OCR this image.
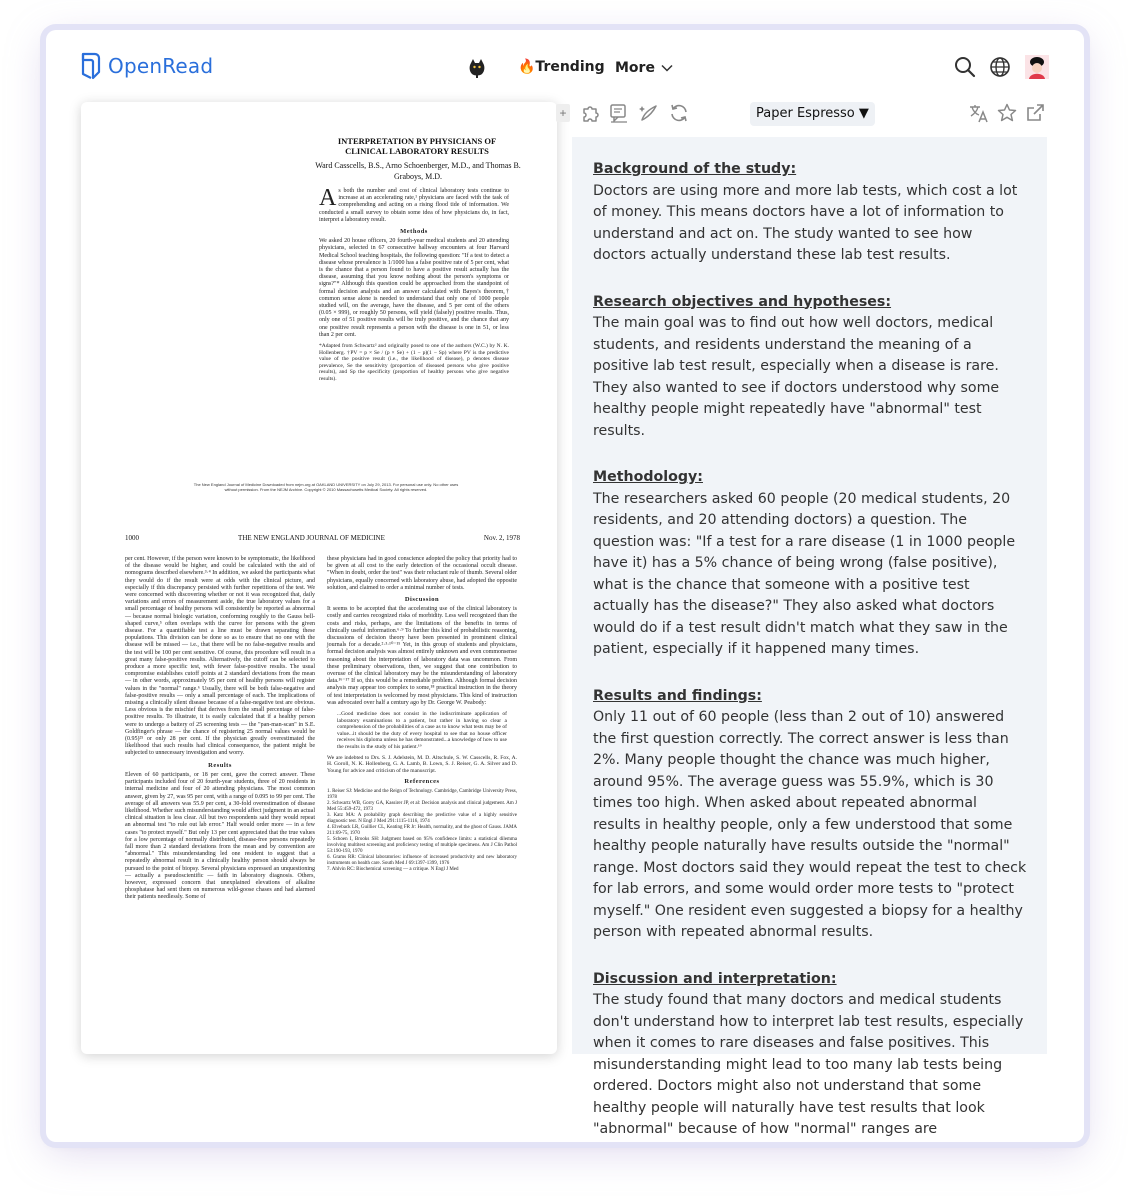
OpenRead	🔥Trending More
INTERPRETATION BY PHYSICIANS OF CLINICAL LABORATORY RESULTS
Ward Casscells, B.S., Arno Schoenberger, M.D., and Thomas B. Graboys, M.D.
A s both the number and cost of clinical laboratory tests continue to increase at an accelerating rate,¹ physicians are faced with the task of comprehending and acting on a rising flood tide of information. We conducted a small survey to obtain some idea of how physicians do, in fact, interpret a laboratory result.
Methods
We asked 20 house officers, 20 fourth-year medical students and 20 attending physicians, selected in 67 consecutive hallway encounters at four Harvard Medical School teaching hospitals, the following question: "If a test to detect a disease whose prevalence is 1/1000 has a false positive rate of 5 per cent, what is the chance that a person found to have a positive result actually has the disease, assuming that you know nothing about the person's symptoms or signs?"* Although this question could be approached from the standpoint of formal decision analysis and an answer calculated with Bayes's theorem,† common sense alone is needed to understand that only one of 1000 people studied will, on the average, have the disease, and 5 per cent of the others (0.05 × 999), or roughly 50 persons, will yield (falsely) positive results. Thus, only one of 51 positive results will be truly positive, and the chance that any one positive result represents a person with the disease is one in 51, or less than 2 per cent.
*Adapted from Schwartz² and originally posed to one of the authors (W.C.) by N. K. Hollenberg. †PV = p × Se / (p × Se) + (1 − p)(1 − Sp) where PV is the predictive value of the positive result (i.e., the likelihood of disease), p denotes disease prevalence, Se the sensitivity (proportion of diseased persons who give positive results), and Sp the specificity (proportion of healthy persons who give negative results).
The New England Journal of Medicine Downloaded from nejm.org at OAKLAND UNIVERSITY on July 29, 2013. For personal use only. No other uses without permission. From the NEJM Archive. Copyright © 2010 Massachusetts Medical Society. All rights reserved.
1000	THE NEW ENGLAND JOURNAL OF MEDICINE	Nov. 2, 1978
per cent. However, if the person were known to be symptomatic, the likelihood of the disease would be higher, and could be calculated with the aid of nomograms described elsewhere.³·⁴ In addition, we asked the participants what they would do if the result were at odds with the clinical picture, and especially if this discrepancy persisted with further repetitions of the test. We were concerned with discovering whether or not it was recognized that, daily variations and errors of measurement aside, the true laboratory values for a small percentage of healthy persons will consistently be reported as abnormal — because normal biologic variation, conforming roughly to the Gauss bell-shaped curve,⁵ often overlaps with the curve for persons with the given disease. For a quantifiable test a line must be drawn separating these populations. This division can be done so as to ensure that no one with the disease will be missed — i.e., that there will be no false-negative results and the test will be 100 per cent sensitive. Of course, this procedure will result in a great many false-positive results. Alternatively, the cutoff can be selected to produce a more specific test, with fewer false-positive results. The usual compromise establishes cutoff points at 2 standard deviations from the mean — in other words, approximately 95 per cent of healthy persons will register values in the "normal" range.⁶ Usually, there will be both false-negative and false-positive results — only a small percentage of each. The implications of missing a clinically silent disease because of a false-negative test are obvious. Less obvious is the mischief that derives from the small percentage of false-positive results. To illustrate, it is easily calculated that if a healthy person were to undergo a battery of 25 screening tests — the "pan-man-scan" in S.E. Goldfinger's phrase — the chance of registering 25 normal values would be (0.95)²⁵ or only 28 per cent. If the physician greatly overestimated the likelihood that such results had clinical consequence, the patient might be subjected to unnecessary investigation and worry.
Results
Eleven of 60 participants, or 18 per cent, gave the correct answer. These participants included four of 20 fourth-year students, three of 20 residents in internal medicine and four of 20 attending physicians. The most common answer, given by 27, was 95 per cent, with a range of 0.095 to 99 per cent. The average of all answers was 55.9 per cent, a 30-fold overestimation of disease likelihood. Whether such misunderstanding would affect judgment in an actual clinical situation is less clear. All but two respondents said they would repeat an abnormal test "to rule out lab error." Half would order more — in a few cases "to protect myself." But only 13 per cent appreciated that the true values for a low percentage of normally distributed, disease-free persons repeatedly fall more than 2 standard deviations from the mean and by convention are "abnormal." This misunderstanding led one resident to suggest that a repeatedly abnormal result in a clinically healthy person should always be pursued to the point of biopsy. Several physicians expressed an unquestioning — actually a pseudoscientific — faith in laboratory diagnosis. Others, however, expressed concern that unexplained elevations of alkaline phosphatase had sent them on numerous wild-goose chases and had alarmed their patients needlessly. Some of
these physicians had in good conscience adopted the policy that priority had to be given at all cost to the early detection of the occasional occult disease. "When in doubt, order the test" was their reluctant rule of thumb. Several older physicians, equally concerned with laboratory abuse, had adopted the opposite solution, and claimed to order a minimal number of tests.
Discussion
It seems to be accepted that the accelerating use of the clinical laboratory is costly and carries recognized risks of morbidity. Less well recognized than the costs and risks, perhaps, are the limitations of the benefits in terms of clinically useful information.⁶·⁹ To further this kind of probabilistic reasoning, discussions of decision theory have been presented in prominent clinical journals for a decade.²·³·¹⁰⁻¹⁵ Yet, in this group of students and physicians, formal decision analysis was almost entirely unknown and even commonsense reasoning about the interpretation of laboratory data was uncommon. From these preliminary observations, then, we suggest that one contribution to overuse of the clinical laboratory may be the misunderstanding of laboratory data.¹⁶⁻¹⁷ If so, this would be a remediable problem. Although formal decision analysis may appear too complex to some,¹⁸ practical instruction in the theory of test interpretation is welcomed by most physicians. This kind of instruction was advocated over half a century ago by Dr. George W. Peabody:
...Good medicine does not consist in the indiscriminate application of laboratory examinations to a patient, but rather in having so clear a comprehension of the probabilities of a case as to know what tests may be of value...it should be the duty of every hospital to see that no house officer receives his diploma unless he has demonstrated...a knowledge of how to use the results in the study of his patient.¹⁹
We are indebted to Drs. S. J. Adelstein, M. D. Altschule, S. W. Casscells, R. Fox, A. H. Goroll, N. K. Hollenberg, G. A. Lamb, B. Lown, S. J. Reiser, G. A. Silver and D. Young for advice and criticism of the manuscript.
References
1. Reiser SJ: Medicine and the Reign of Technology. Cambridge, Cambridge University Press, 1978
2. Schwartz WB, Gorry GA, Kassirer JP, et al: Decision analysis and clinical judgement. Am J Med 55:459-472, 1973
3. Katz MA: A probability graph describing the predictive value of a highly sensitive diagnostic test. N Engl J Med 291:1115-1116, 1974
4. Elveback LR, Guillier CL, Keating FR Jr: Health, normality, and the ghost of Gauss. JAMA 211:69-75, 1970
5. Schoen I, Brooks SH: Judgment based on 95% confidence limits: a statistical dilemma involving multitest screening and proficiency testing of multiple specimens. Am J Clin Pathol 53:190-193, 1970
6. Grams RR: Clinical laboratories: influence of increased productivity and new laboratory instruments on health care. South Med J 69:1397-1399, 1976
7. Ahlvin RC: Biochemical screening — a critique. N Engl J Med
+	Paper Espresso ▼
Background of the study:
Doctors are using more and more lab tests, which cost a lot of money. This means doctors have a lot of information to understand and act on. The study wanted to see how doctors actually understand these lab test results.
Research objectives and hypotheses:
The main goal was to find out how well doctors, medical students, and residents understand the meaning of a positive lab test result, especially when a disease is rare. They also wanted to see if doctors understood why some healthy people might repeatedly have "abnormal" test results.
Methodology:
The researchers asked 60 people (20 medical students, 20 residents, and 20 attending doctors) a question. The question was: "If a test for a rare disease (1 in 1000 people have it) has a 5% chance of being wrong (false positive), what is the chance that someone with a positive test actually has the disease?" They also asked what doctors would do if a test result didn't match what they saw in the patient, especially if it happened many times.
Results and findings:
Only 11 out of 60 people (less than 2 out of 10) answered the first question correctly. The correct answer is less than 2%. Many people thought the chance was much higher, around 95%. The average guess was 55.9%, which is 30 times too high. When asked about repeated abnormal results in healthy people, only a few understood that some healthy people naturally have results outside the "normal" range. Most doctors said they would repeat the test to check for lab errors, and some would order more tests to "protect myself." One resident even suggested a biopsy for a healthy person with repeated abnormal results.
Discussion and interpretation:
The study found that many doctors and medical students don't understand how to interpret lab test results, especially when it comes to rare diseases and false positives. This misunderstanding might lead to too many lab tests being ordered. Doctors might also not understand that some healthy people will naturally have test results that look "abnormal" because of how "normal" ranges are
